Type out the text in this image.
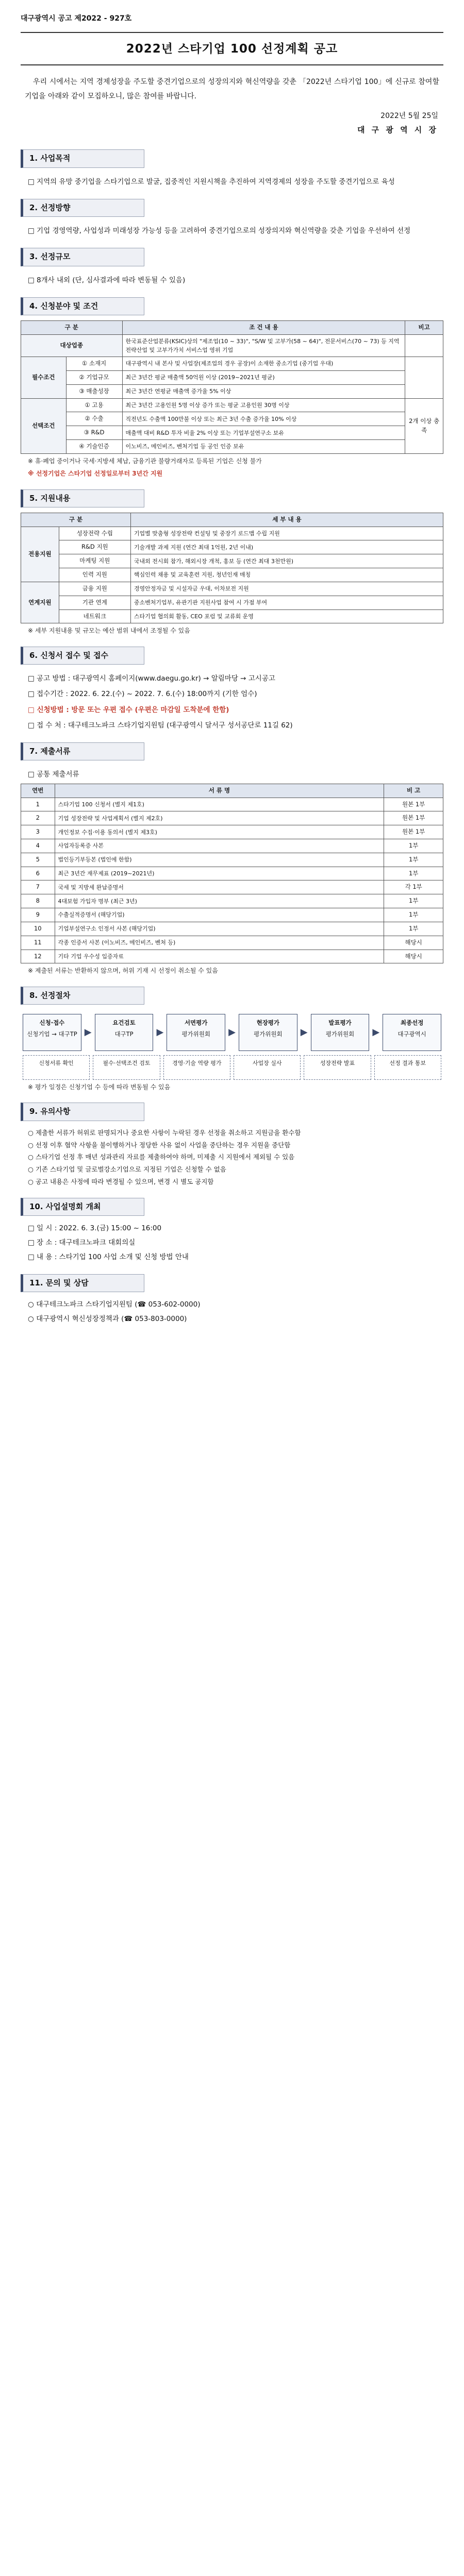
대구광역시 공고 제2022 - 927호
2022년 스타기업 100 선정계획 공고

우리 시에서는 지역 경제성장을 주도할 중견기업으로의 성장의지와 혁신역량을 갖춘 「2022년 스타기업 100」에 신규로 참여할 기업을 아래와 같이 모집하오니, 많은 참여를 바랍니다.

2022년 5월 25일
대 구 광 역 시 장
1. 사업목적

□ 지역의 유망 중기업을 스타기업으로 발굴, 집중적인 지원시책을 추진하여 지역경제의 성장을 주도할 중견기업으로 육성

2. 선정방향

□ 기업 경영역량, 사업성과 미래성장 가능성 등을 고려하여 중견기업으로의 성장의지와 혁신역량을 갖춘 기업을 우선하여 선정

3. 선정규모

□ 8개사 내외 (단, 심사결과에 따라 변동될 수 있음)

4. 신청분야 및 조건
구 분		조 건 내 용	비고
대상업종		한국표준산업분류(KSIC)상의 "제조업(10 ~ 33)", "S/W 및 고부가(58 ~ 64)", 전문서비스(70 ~ 73) 등 지역 전략산업 및 고부가가치 서비스업 영위 기업	
필수조건	① 소재지	대구광역시 내 본사 및 사업장(제조업의 경우 공장)이 소재한 중소기업 (중기업 우대)	
	② 기업규모	최근 3년간 평균 매출액 50억원 이상 (2019~2021년 평균)	
	③ 매출성장	최근 3년간 연평균 매출액 증가율 5% 이상	
선택조건	① 고용	최근 3년간 고용인원 5명 이상 증가 또는 평균 고용인원 30명 이상	2개 이상 충족
	② 수출	직전년도 수출액 100만불 이상 또는 최근 3년 수출 증가율 10% 이상	
	③ R&D	매출액 대비 R&D 투자 비율 2% 이상 또는 기업부설연구소 보유	
	④ 기술인증	이노비즈, 메인비즈, 벤처기업 등 공인 인증 보유	

※ 휴·폐업 중이거나 국세·지방세 체납, 금융기관 불량거래자로 등록된 기업은 신청 불가

※ 선정기업은 스타기업 선정일로부터 3년간 지원

5. 지원내용
구 분		세 부 내 용
전용지원	성장전략 수립	기업별 맞춤형 성장전략 컨설팅 및 중장기 로드맵 수립 지원
	R&D 지원	기술개발 과제 지원 (연간 최대 1억원, 2년 이내)
	마케팅 지원	국내외 전시회 참가, 해외시장 개척, 홍보 등 (연간 최대 3천만원)
	인력 지원	핵심인력 채용 및 교육훈련 지원, 청년인재 매칭
연계지원	금융 지원	경영안정자금 및 시설자금 우대, 이차보전 지원
	기관 연계	중소벤처기업부, 유관기관 지원사업 참여 시 가점 부여
	네트워크	스타기업 협의회 활동, CEO 포럼 및 교류회 운영

※ 세부 지원내용 및 규모는 예산 범위 내에서 조정될 수 있음

6. 신청서 접수 및 접수

□ 공고 방법 : 대구광역시 홈페이지(www.daegu.go.kr) → 알림마당 → 고시공고

□ 접수기간 : 2022. 6. 22.(수) ~ 2022. 7. 6.(수) 18:00까지 (기한 엄수)

□ 신청방법 : 방문 또는 우편 접수 (우편은 마감일 도착분에 한함)

□ 접 수 처 : 대구테크노파크 스타기업지원팀 (대구광역시 달서구 성서공단로 11길 62)

7. 제출서류

□ 공통 제출서류

연번	서 류 명	비 고
1	스타기업 100 신청서 (별지 제1호)	원본 1부
2	기업 성장전략 및 사업계획서 (별지 제2호)	원본 1부
3	개인정보 수집·이용 동의서 (별지 제3호)	원본 1부
4	사업자등록증 사본	1부
5	법인등기부등본 (법인에 한함)	1부
6	최근 3년간 재무제표 (2019~2021년)	1부
7	국세 및 지방세 완납증명서	각 1부
8	4대보험 가입자 명부 (최근 3년)	1부
9	수출실적증명서 (해당기업)	1부
10	기업부설연구소 인정서 사본 (해당기업)	1부
11	각종 인증서 사본 (이노비즈, 메인비즈, 벤처 등)	해당시
12	기타 기업 우수성 입증자료	해당시

※ 제출된 서류는 반환하지 않으며, 허위 기재 시 선정이 취소될 수 있음

8. 선정절차
신청·접수
신청기업 → 대구TP ▶
요건검토
대구TP	▶
서면평가
평가위원회	▶
현장평가
평가위원회	▶
발표평가
평가위원회	▶
최종선정
대구광역시
신청서류 확인	필수·선택조건 검토	경영·기술 역량 평가	사업장 실사	성장전략 발표	선정 결과 통보

※ 평가 일정은 신청기업 수 등에 따라 변동될 수 있음

9. 유의사항
○ 제출한 서류가 허위로 판명되거나 중요한 사항이 누락된 경우 선정을 취소하고 지원금을 환수함
○ 선정 이후 협약 사항을 불이행하거나 정당한 사유 없이 사업을 중단하는 경우 지원을 중단함
○ 스타기업 선정 후 매년 성과관리 자료를 제출하여야 하며, 미제출 시 지원에서 제외될 수 있음
○ 기존 스타기업 및 글로벌강소기업으로 지정된 기업은 신청할 수 없음
○ 공고 내용은 사정에 따라 변경될 수 있으며, 변경 시 별도 공지함
10. 사업설명회 개최
□ 일 시 : 2022. 6. 3.(금) 15:00 ~ 16:00
□ 장 소 : 대구테크노파크 대회의실
□ 내 용 : 스타기업 100 사업 소개 및 신청 방법 안내
11. 문의 및 상담
○ 대구테크노파크 스타기업지원팀 (☎ 053-602-0000)
○ 대구광역시 혁신성장정책과 (☎ 053-803-0000)
